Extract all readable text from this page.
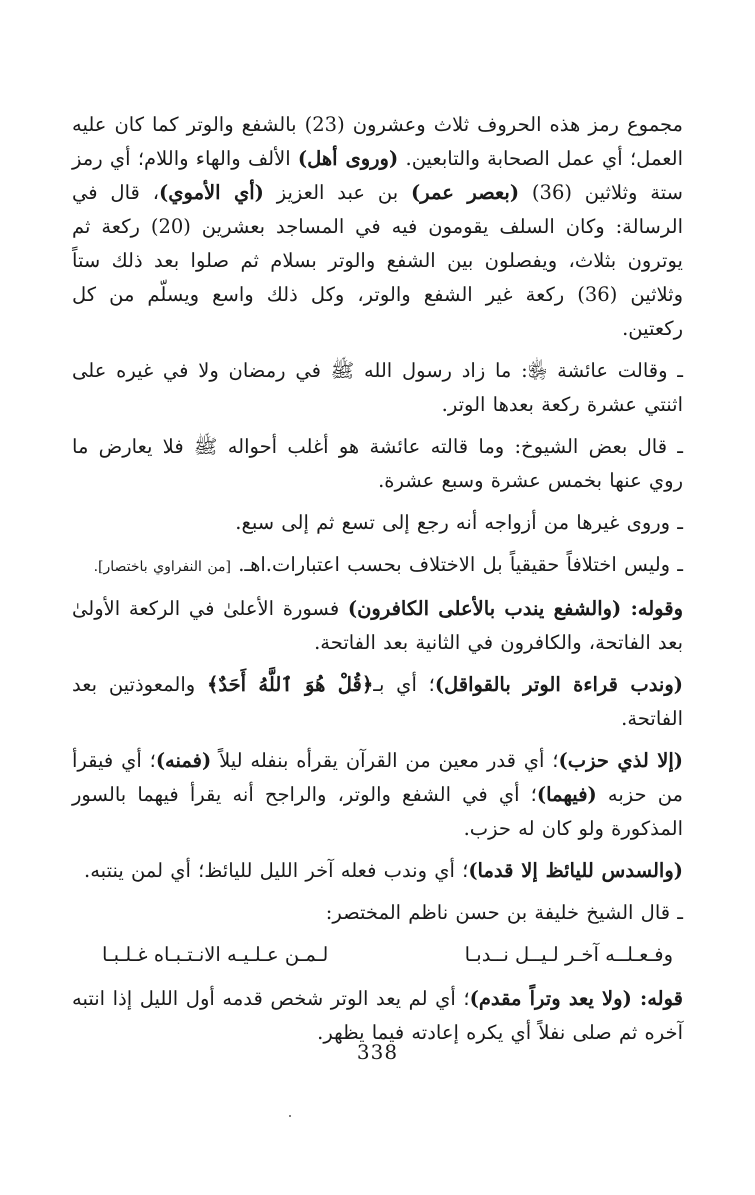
مجموع رمز هذه الحروف ثلاث وعشرون (23) بالشفع والوتر كما كان عليه العمل؛ أي عمل الصحابة والتابعين. (وروى أهل) الألف والهاء واللام؛ أي رمز ستة وثلاثين (36) (بعصر عمر) بن عبد العزيز (أي الأموي)، قال في الرسالة: وكان السلف يقومون فيه في المساجد بعشرين (20) ركعة ثم يوترون بثلاث، ويفصلون بين الشفع والوتر بسلام ثم صلوا بعد ذلك ستاً وثلاثين (36) ركعة غير الشفع والوتر، وكل ذلك واسع ويسلّم من كل ركعتين.

ـ وقالت عائشة ﵂: ما زاد رسول الله ﷺ في رمضان ولا في غيره على اثنتي عشرة ركعة بعدها الوتر.

ـ قال بعض الشيوخ: وما قالته عائشة هو أغلب أحواله ﷺ فلا يعارض ما روي عنها بخمس عشرة وسبع عشرة.

ـ وروى غيرها من أزواجه أنه رجع إلى تسع ثم إلى سبع.

ـ وليس اختلافاً حقيقياً بل الاختلاف بحسب اعتبارات.اهـ. [من النفراوي باختصار].

وقوله: (والشفع يندب بالأعلى الكافرون) فسورة الأعلىٰ في الركعة الأولىٰ بعد الفاتحة، والكافرون في الثانية بعد الفاتحة.

(وندب قراءة الوتر بالقواقل)؛ أي بـ﴿قُلْ هُوَ ٱللَّهُ أَحَدٌ﴾ والمعوذتين بعد الفاتحة.

(إلا لذي حزب)؛ أي قدر معين من القرآن يقرأه بنفله ليلاً (فمنه)؛ أي فيقرأ من حزبه (فيهما)؛ أي في الشفع والوتر، والراجح أنه يقرأ فيهما بالسور المذكورة ولو كان له حزب.

(والسدس لليائظ إلا قدما)؛ أي وندب فعله آخر الليل لليائظ؛ أي لمن ينتبه.

ـ قال الشيخ خليفة بن حسن ناظم المختصر:

وفـعـلــه آخـر لـيــل نــدبـا
لـمـن عـلـيـه الانـتـبـاه غـلـبـا

قوله: (ولا يعد وتراً مقدم)؛ أي لم يعد الوتر شخص قدمه أول الليل إذا انتبه آخره ثم صلى نفلاً أي يكره إعادته فيما يظهر.

338
